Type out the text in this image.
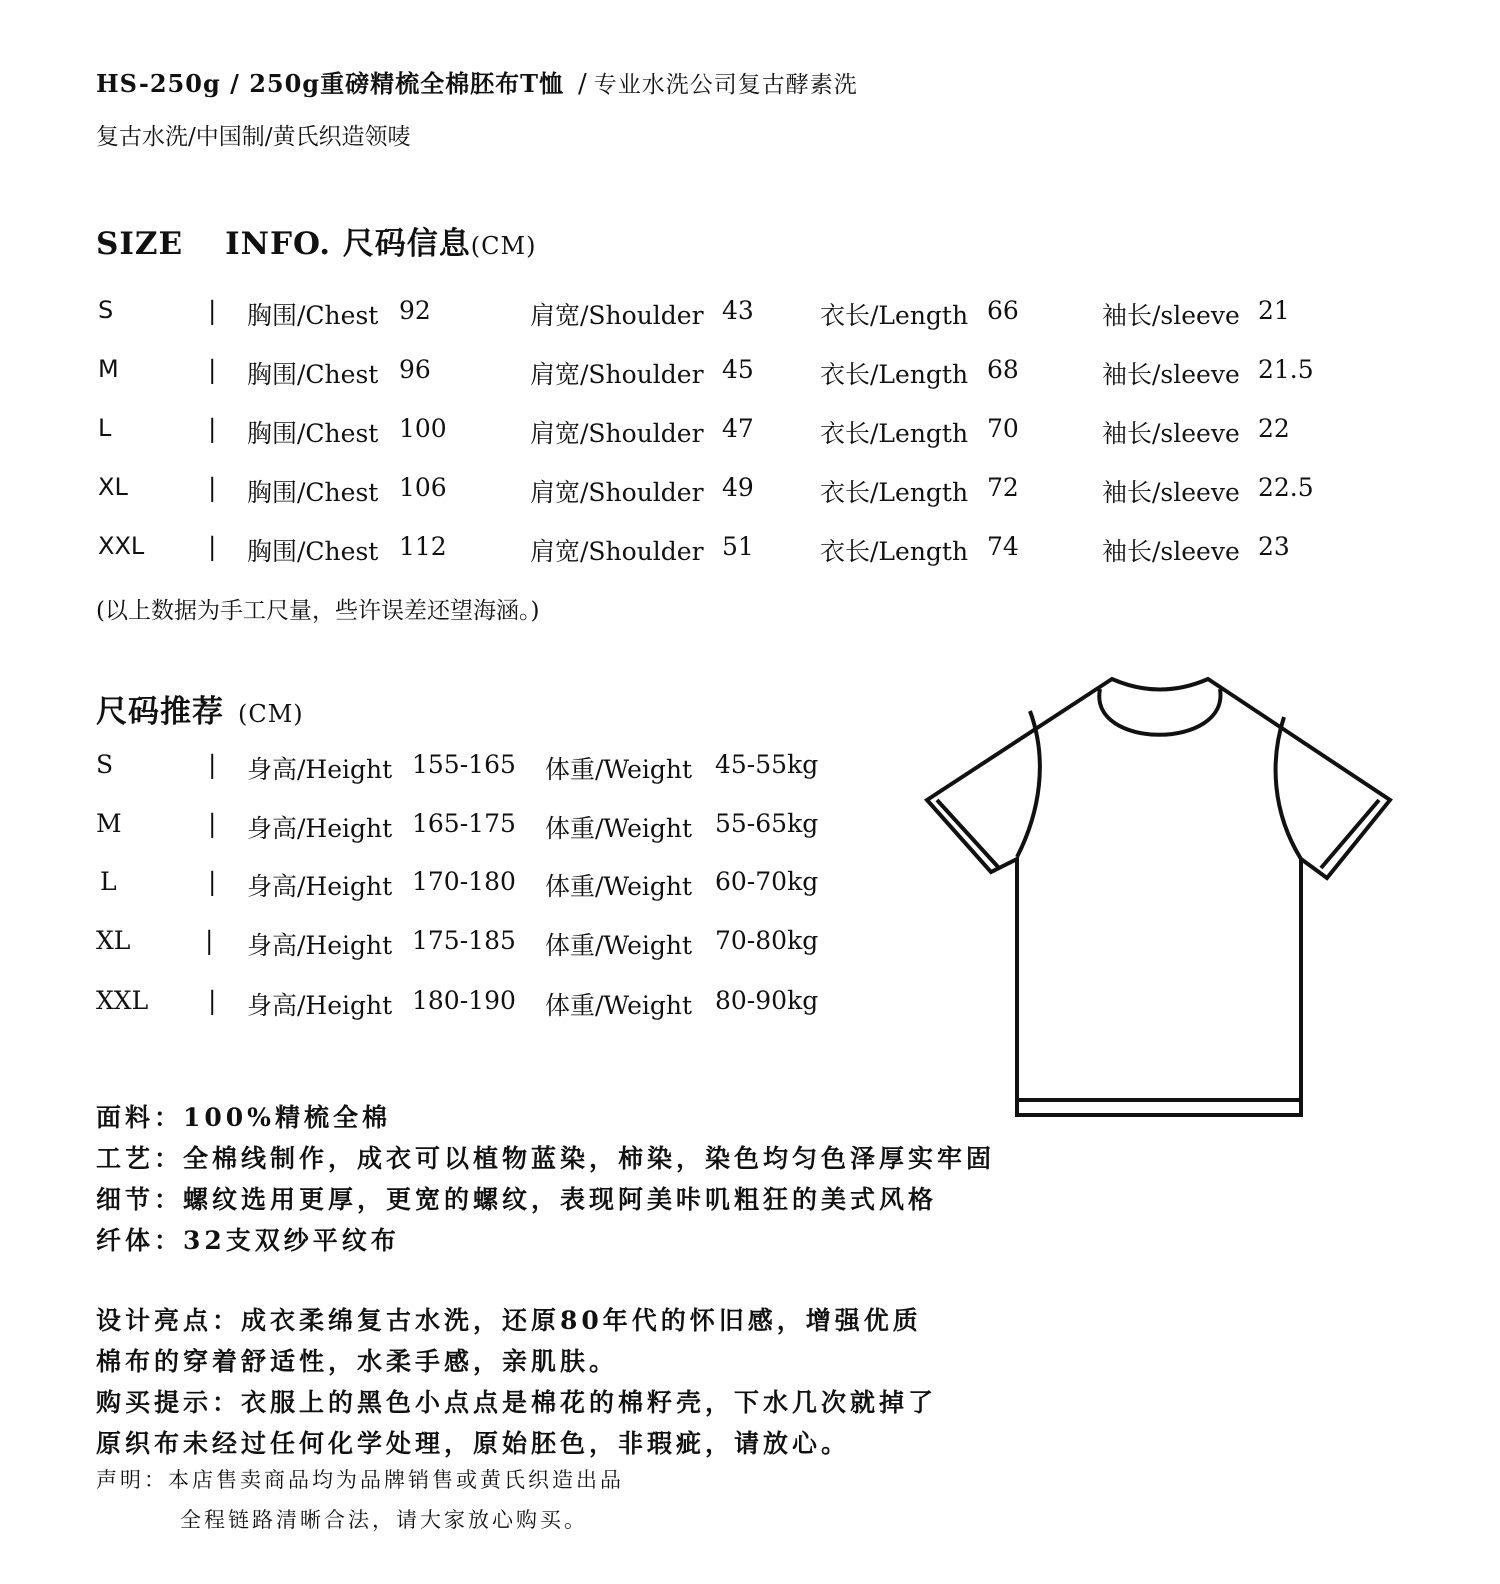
HS-250g / 250g重磅精梳全棉胚布T恤 / 专业水洗公司复古酵素洗
复古水洗/中国制/黄氏织造领唛
SIZE INFO. 尺码信息(CM)
S	| 胸围/Chest 92	肩宽/Shoulder 43	衣长/Length 66	袖长/sleeve 21
M	| 胸围/Chest 96	肩宽/Shoulder 45	衣长/Length 68	袖长/sleeve 21.5
L	| 胸围/Chest 100	肩宽/Shoulder 47	衣长/Length 70	袖长/sleeve 22
XL	| 胸围/Chest 106	肩宽/Shoulder 49	衣长/Length 72	袖长/sleeve 22.5
XXL	| 胸围/Chest 112	肩宽/Shoulder 51	衣长/Length 74	袖长/sleeve 23
(以上数据为手工尺量，些许误差还望海涵。)
尺码推荐 (CM)
S	| 身高/Height 155-165 体重/Weight 45-55kg
M	| 身高/Height 165-175 体重/Weight 55-65kg
L	| 身高/Height 170-180 体重/Weight 60-70kg
XL	| 身高/Height 175-185 体重/Weight 70-80kg
XXL | 身高/Height 180-190 体重/Weight 80-90kg
面料：100%精梳全棉
工艺：全棉线制作，成衣可以植物蓝染，柿染，染色均匀色泽厚实牢固
细节：螺纹选用更厚，更宽的螺纹，表现阿美咔叽粗狂的美式风格
纤体：32支双纱平纹布
设计亮点：成衣柔绵复古水洗，还原80年代的怀旧感，增强优质
棉布的穿着舒适性，水柔手感，亲肌肤。
购买提示：衣服上的黑色小点点是棉花的棉籽壳，下水几次就掉了
原织布未经过任何化学处理，原始胚色，非瑕疵，请放心。
声明：本店售卖商品均为品牌销售或黄氏织造出品
全程链路清晰合法，请大家放心购买。
